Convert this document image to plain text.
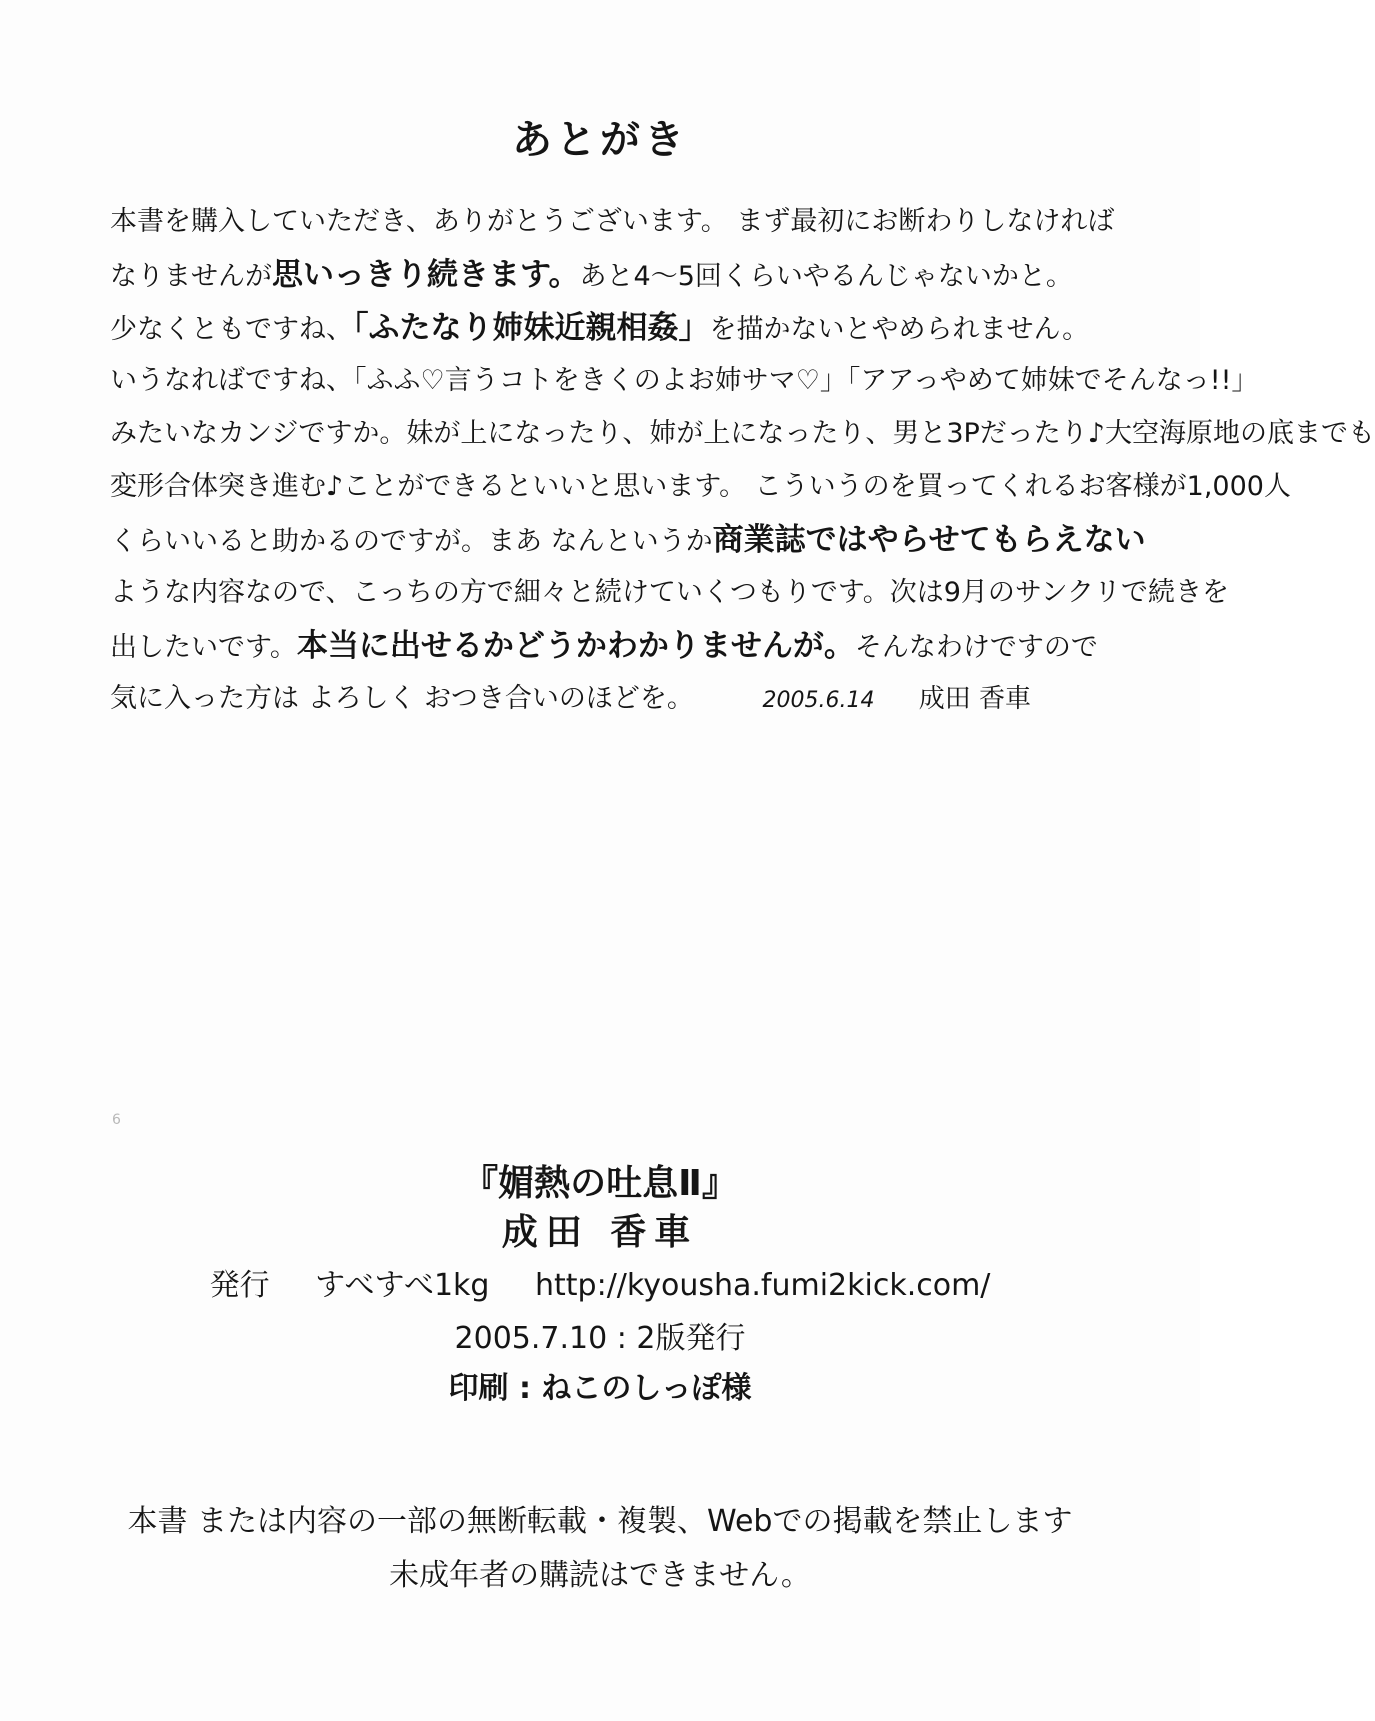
あとがき
本書を購入していただき、ありがとうございます。 まず最初にお断わりしなければ
なりませんが思いっきり続きます。あと4〜5回くらいやるんじゃないかと。
少なくともですね、「ふたなり姉妹近親相姦」を描かないとやめられません。
いうなればですね、「ふふ♡言うコトをきくのよお姉サマ♡」「アアっやめて姉妹でそんなっ!!」
みたいなカンジですか。妹が上になったり、姉が上になったり、男と3Pだったり♪大空海原地の底までも
変形合体突き進む♪ことができるといいと思います。 こういうのを買ってくれるお客様が1,000人
くらいいると助かるのですが。まあ なんというか商業誌ではやらせてもらえない
ような内容なので、こっちの方で細々と続けていくつもりです。次は9月のサンクリで続きを
出したいです。本当に出せるかどうかわかりませんが。そんなわけですので
気に入った方は よろしく おつき合いのほどを。	2005.6.14 成田 香車
6
『媚熱の吐息Ⅱ』
成田 香車
発行 すべすべ1kg http://kyousha.fumi2kick.com/
2005.7.10 : 2版発行
印刷 : ねこのしっぽ様
本書 または内容の一部の無断転載・複製、Webでの掲載を禁止します
未成年者の購読はできません。
